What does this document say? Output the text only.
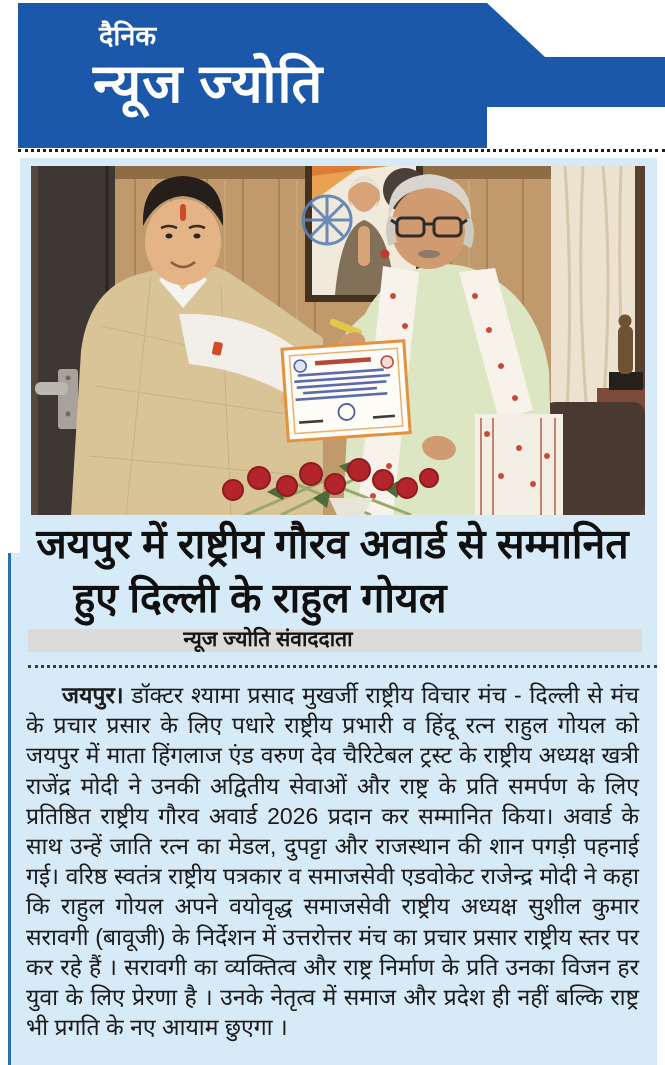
दैनिक
न्यूज ज्योति
जयपुर में राष्ट्रीय गौरव अवार्ड से सम्मानित
हुए दिल्ली के राहुल गोयल
न्यूज ज्योति संवाददाता

जयपुर। डॉक्टर श्यामा प्रसाद मुखर्जी राष्ट्रीय विचार मंच - दिल्ली से मंच के प्रचार प्रसार के लिए पधारे राष्ट्रीय प्रभारी व हिंदू रत्न राहुल गोयल को जयपुर में माता हिंगलाज एंड वरुण देव चैरिटेबल ट्रस्ट के राष्ट्रीय अध्यक्ष खत्री राजेंद्र मोदी ने उनकी अद्वितीय सेवाओं और राष्ट्र के प्रति समर्पण के लिए प्रतिष्ठित राष्ट्रीय गौरव अवार्ड 2026 प्रदान कर सम्मानित किया। अवार्ड के साथ उन्हें जाति रत्न का मेडल, दुपट्टा और राजस्थान की शान पगड़ी पहनाई गई। वरिष्ठ स्वतंत्र राष्ट्रीय पत्रकार व समाजसेवी एडवोकेट राजेन्द्र मोदी ने कहा कि राहुल गोयल अपने वयोवृद्ध समाजसेवी राष्ट्रीय अध्यक्ष सुशील कुमार सरावगी (बावूजी) के निर्देशन में उत्तरोत्तर मंच का प्रचार प्रसार राष्ट्रीय स्तर पर कर रहे हैं । सरावगी का व्यक्तित्व और राष्ट्र निर्माण के प्रति उनका विजन हर युवा के लिए प्रेरणा है । उनके नेतृत्व में समाज और प्रदेश ही नहीं बल्कि राष्ट्र भी प्रगति के नए आयाम छुएगा ।
